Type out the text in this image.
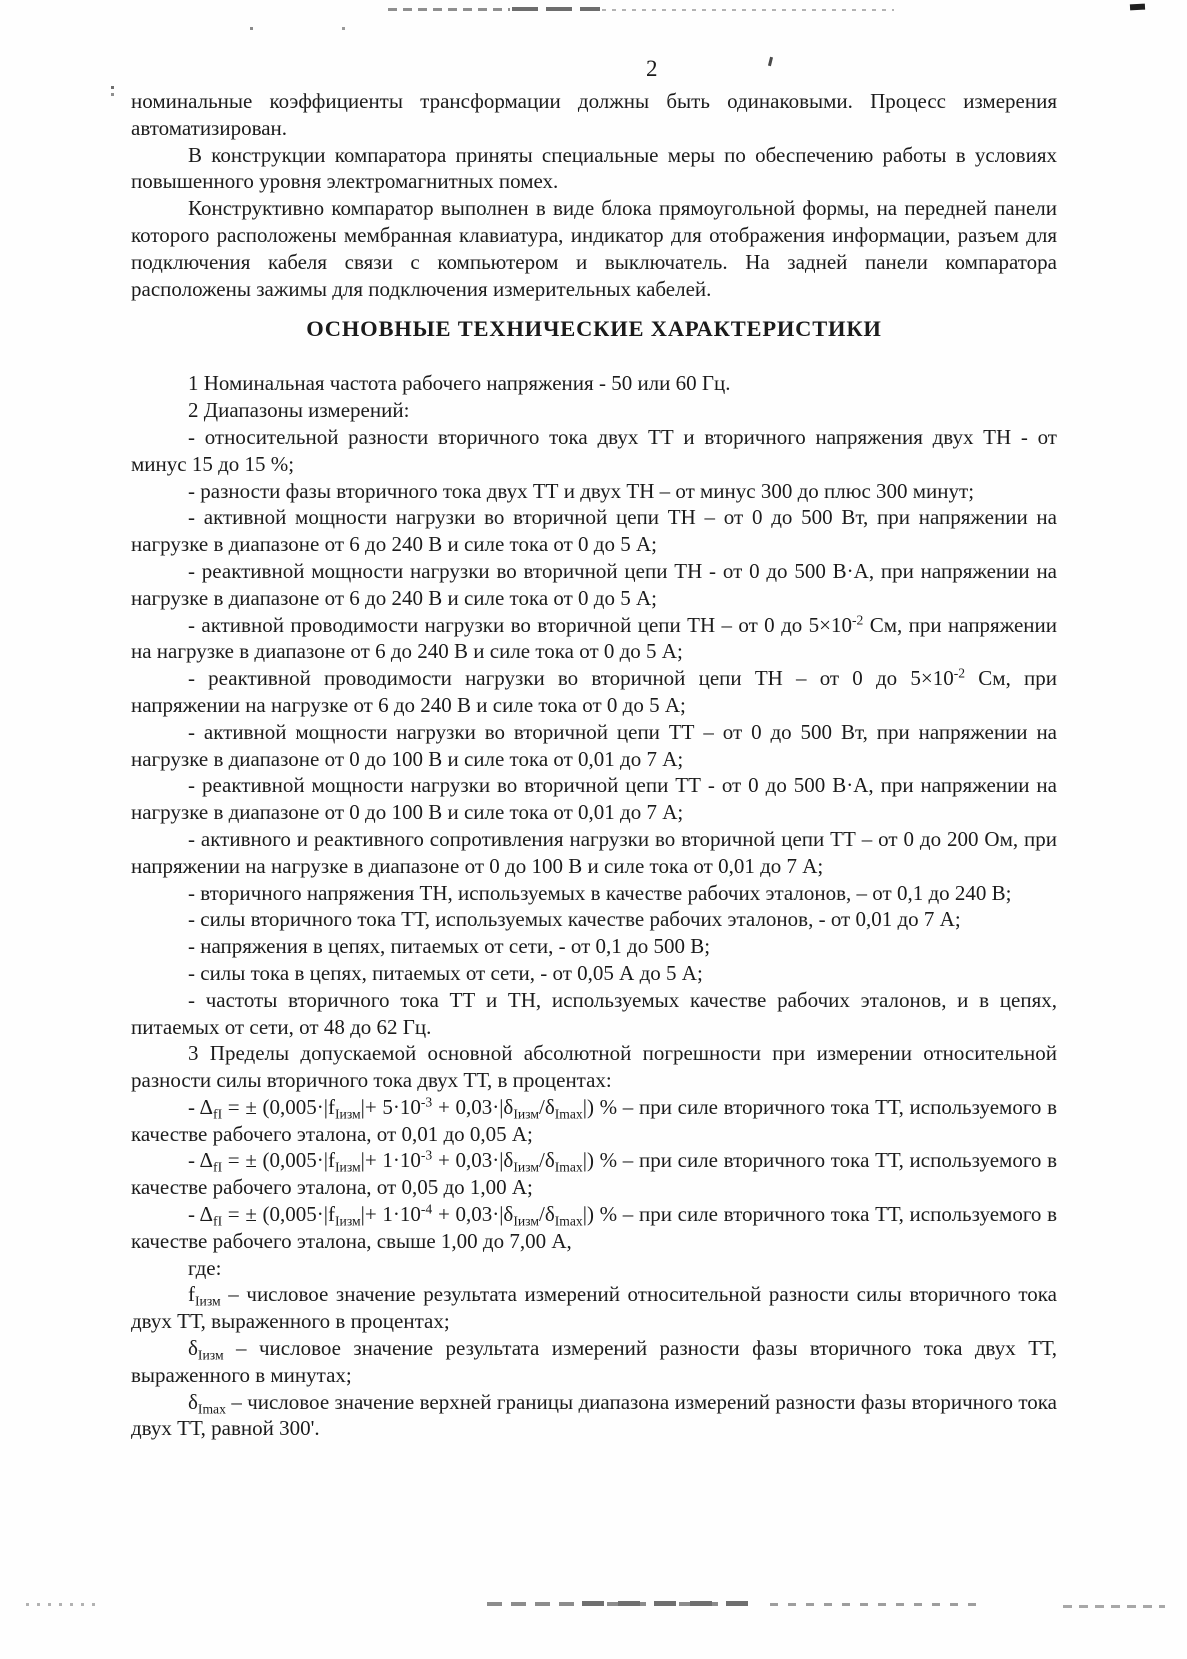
2

номинальные коэффициенты трансформации должны быть одинаковыми. Процесс измерения автоматизирован.

В конструкции компаратора приняты специальные меры по обеспечению работы в условиях повышенного уровня электромагнитных помех.

Конструктивно компаратор выполнен в виде блока прямоугольной формы, на передней панели которого расположены мембранная клавиатура, индикатор для отображения информации, разъем для подключения кабеля связи с компьютером и выключатель. На задней панели компаратора расположены зажимы для подключения измерительных кабелей.

ОСНОВНЫЕ ТЕХНИЧЕСКИЕ ХАРАКТЕРИСТИКИ

1 Номинальная частота рабочего напряжения - 50 или 60 Гц.

2 Диапазоны измерений:

- относительной разности вторичного тока двух ТТ и вторичного напряжения двух ТН - от минус 15 до 15 %;

- разности фазы вторичного тока двух ТТ и двух ТН – от минус 300 до плюс 300 минут;

- активной мощности нагрузки во вторичной цепи ТН – от 0 до 500 Вт, при напряжении на нагрузке в диапазоне от 6 до 240 В и силе тока от 0 до 5 А;

- реактивной мощности нагрузки во вторичной цепи ТН - от 0 до 500 В·А, при напряжении на нагрузке в диапазоне от 6 до 240 В и силе тока от 0 до 5 А;

- активной проводимости нагрузки во вторичной цепи ТН – от 0 до $5\times 10^{-2}$ См, при напряжении на нагрузке в диапазоне от 6 до 240 В и силе тока от 0 до 5 А;

- реактивной проводимости нагрузки во вторичной цепи ТН – от 0 до $5\times 10^{-2}$ См, при напряжении на нагрузке от 6 до 240 В и силе тока от 0 до 5 А;

- активной мощности нагрузки во вторичной цепи ТТ – от 0 до 500 Вт, при напряжении на нагрузке в диапазоне от 0 до 100 В и силе тока от 0,01 до 7 А;

- реактивной мощности нагрузки во вторичной цепи ТТ - от 0 до 500 В·А, при напряжении на нагрузке в диапазоне от 0 до 100 В и силе тока от 0,01 до 7 А;

- активного и реактивного сопротивления нагрузки во вторичной цепи ТТ – от 0 до 200 Ом, при напряжении на нагрузке в диапазоне от 0 до 100 В и силе тока от 0,01 до 7 А;

- вторичного напряжения ТН, используемых в качестве рабочих эталонов, – от 0,1 до 240 В;

- силы вторичного тока ТТ, используемых качестве рабочих эталонов, - от 0,01 до 7 А;

- напряжения в цепях, питаемых от сети, - от 0,1 до 500 В;

- силы тока в цепях, питаемых от сети, - от 0,05 А до 5 А;

- частоты вторичного тока ТТ и ТН, используемых качестве рабочих эталонов, и в цепях, питаемых от сети, от 48 до 62 Гц.

3 Пределы допускаемой основной абсолютной погрешности при измерении относительной разности силы вторичного тока двух ТТ, в процентах:

- $\Delta_{fI}$ = ± $(0,005\cdot|f_{Iизм}|+ 5\cdot 10^{-3} + 0,03\cdot|\delta_{Iизм}/\delta_{Imax}|)$ % – при силе вторичного тока ТТ, используемого в качестве рабочего эталона, от 0,01 до 0,05 А;

- $\Delta_{fI}$ = ± $(0,005\cdot|f_{Iизм}|+ 1\cdot 10^{-3} + 0,03\cdot|\delta_{Iизм}/\delta_{Imax}|)$ % – при силе вторичного тока ТТ, используемого в качестве рабочего эталона, от 0,05 до 1,00 А;

- $\Delta_{fI}$ = ± $(0,005\cdot|f_{Iизм}|+ 1\cdot 10^{-4} + 0,03\cdot|\delta_{Iизм}/\delta_{Imax}|)$ % – при силе вторичного тока ТТ, используемого в качестве рабочего эталона, свыше 1,00 до 7,00 А,

где:

$f_{Iизм}$ – числовое значение результата измерений относительной разности силы вторичного тока двух ТТ, выраженного в процентах;

$\delta_{Iизм}$ – числовое значение результата измерений разности фазы вторичного тока двух ТТ, выраженного в минутах;

$\delta_{Imax}$ – числовое значение верхней границы диапазона измерений разности фазы вторичного тока двух ТТ, равной 300'.
